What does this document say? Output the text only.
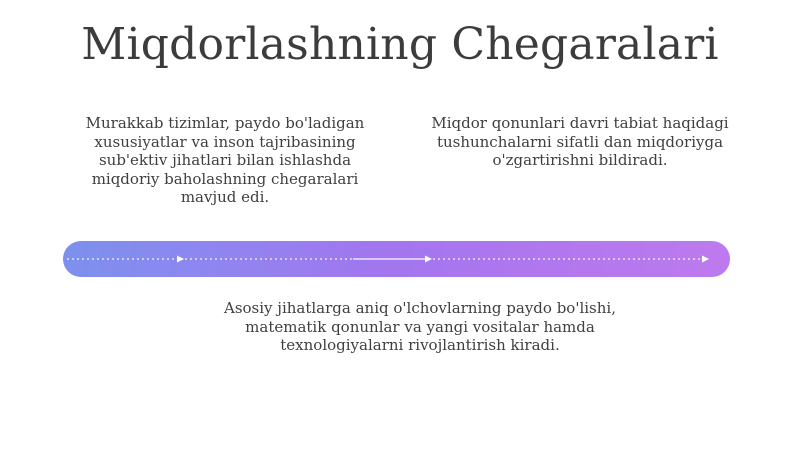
Miqdorlashning Chegaralari

Murakkab tizimlar, paydo bo'ladigan xususiyatlar va inson tajribasining sub'ektiv jihatlari bilan ishlashda miqdoriy baholashning chegaralari mavjud edi.

Miqdor qonunlari davri tabiat haqidagi tushunchalarni sifatli dan miqdoriyga o'zgartirishni bildiradi.

Asosiy jihatlarga aniq o'lchovlarning paydo bo'lishi, matematik qonunlar va yangi vositalar hamda texnologiyalarni rivojlantirish kiradi.
